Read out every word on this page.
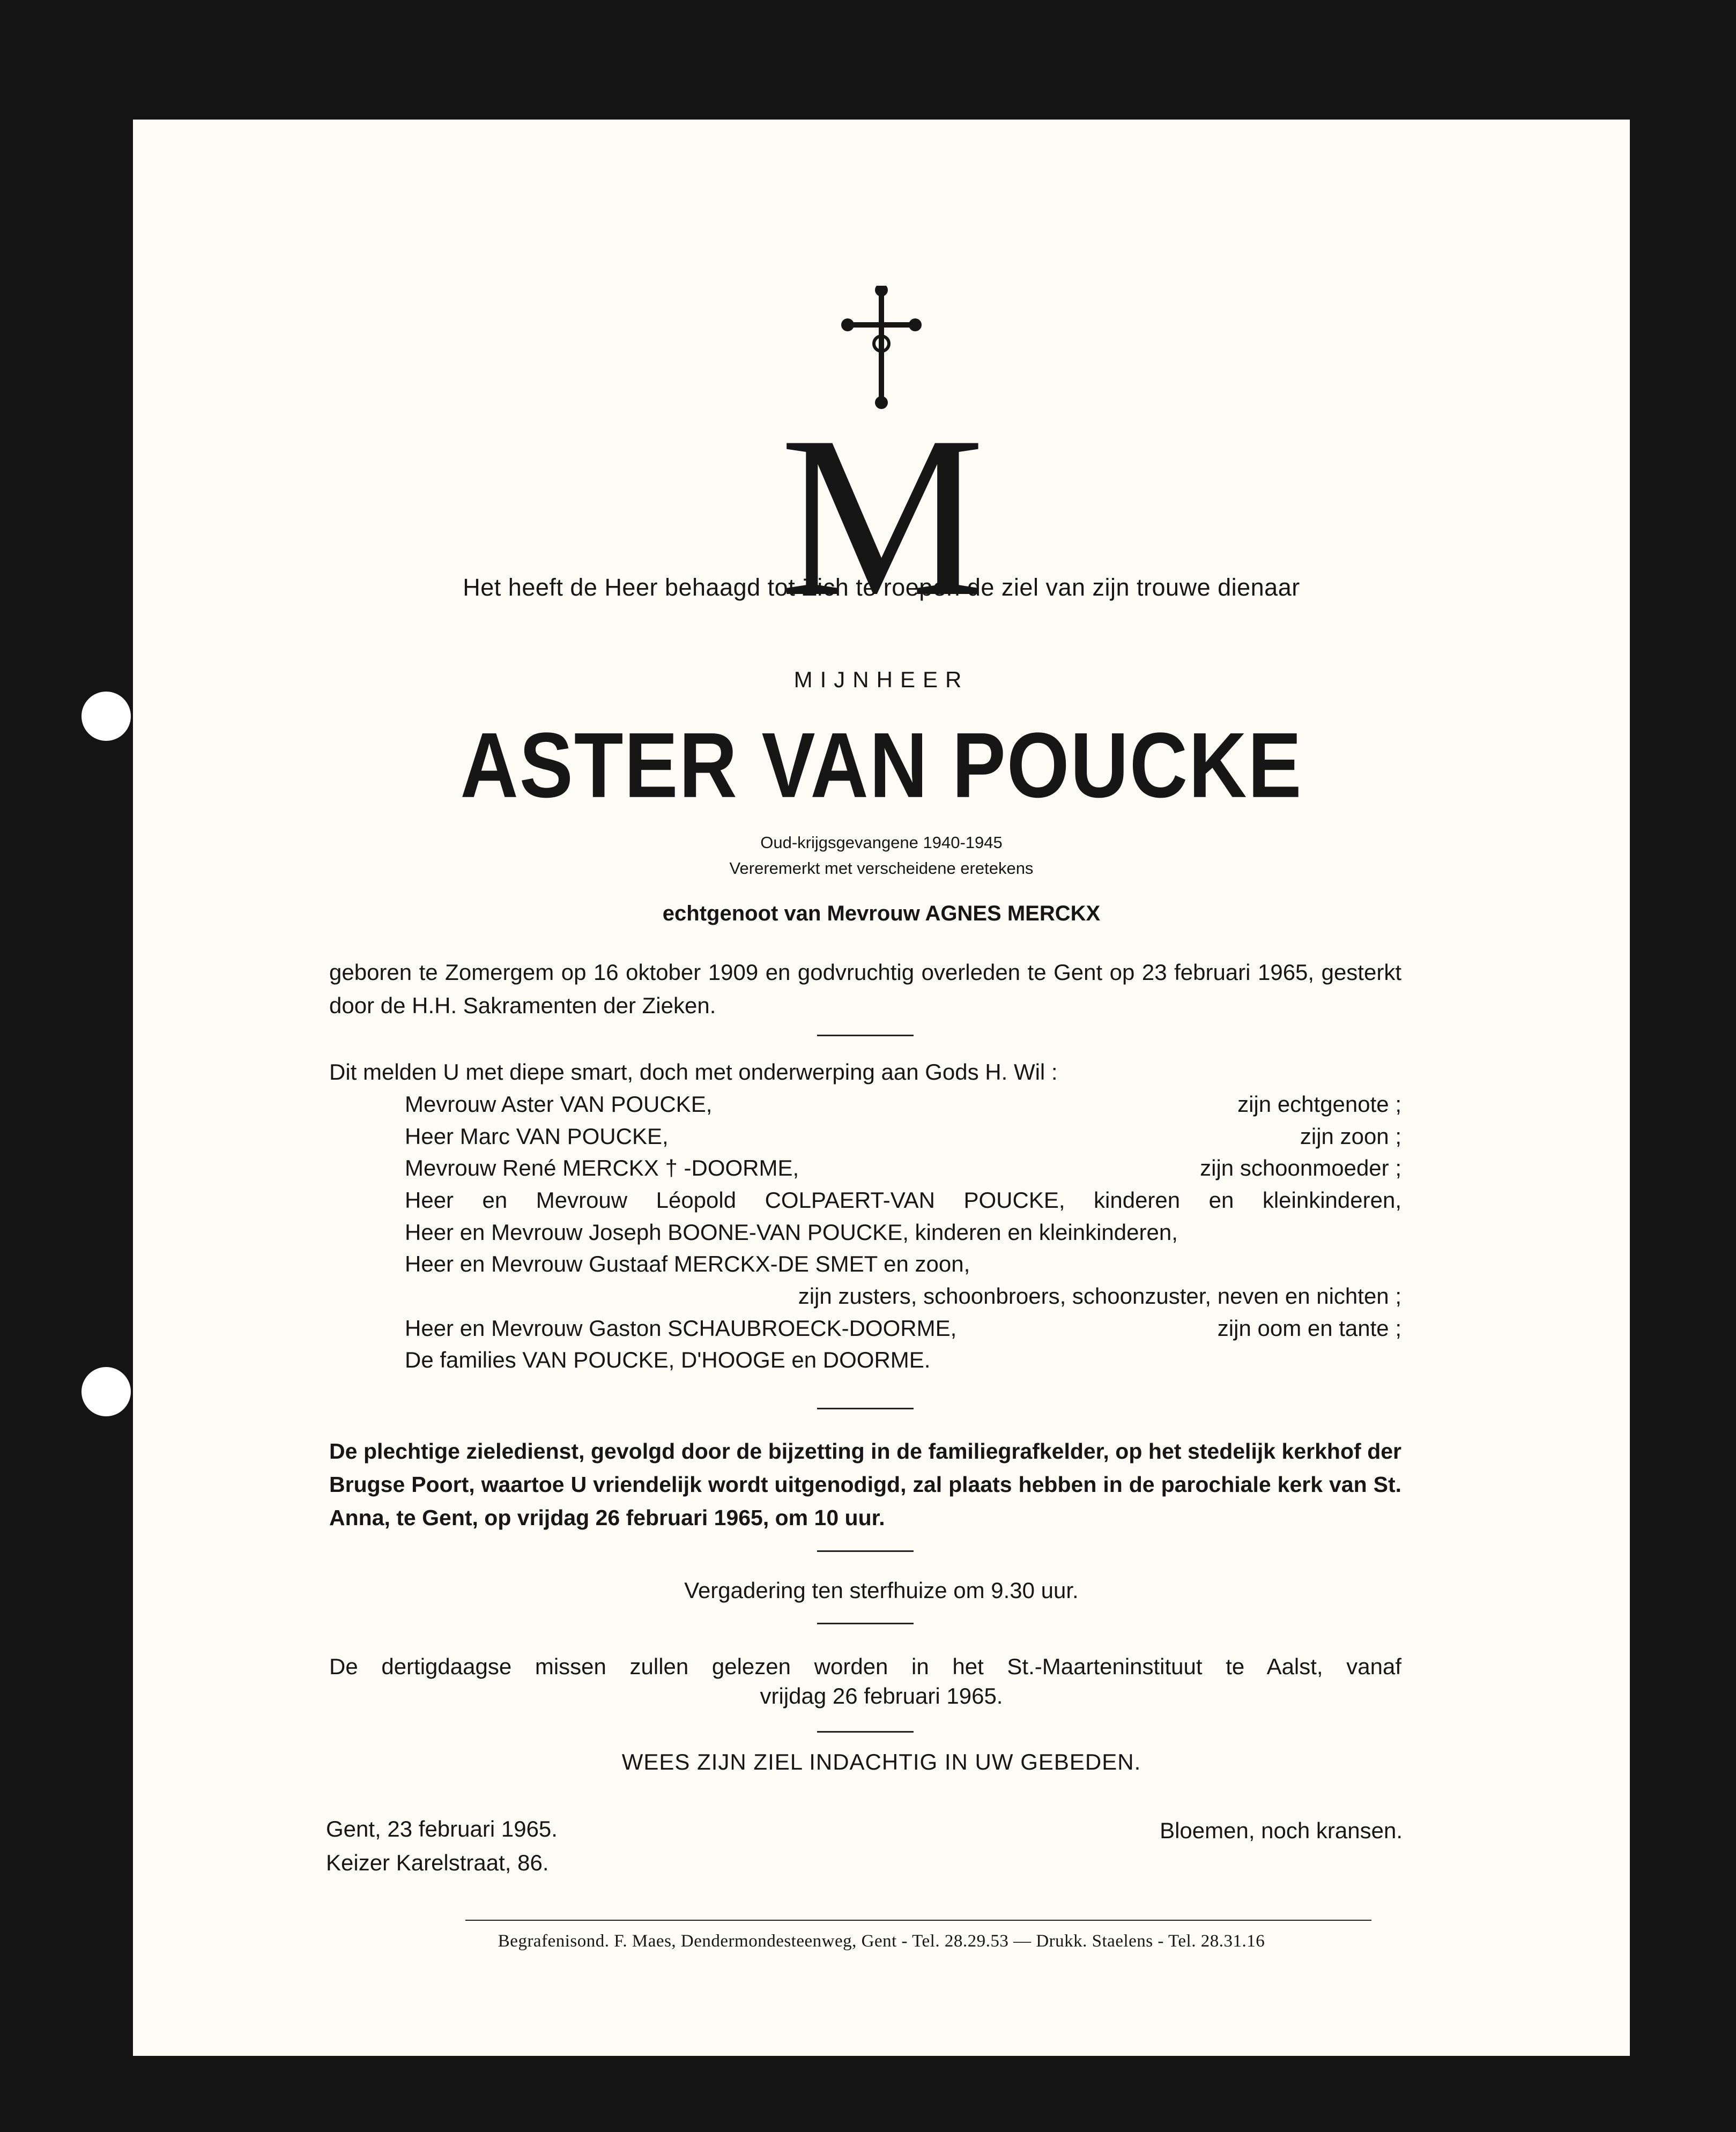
M
Het heeft de Heer behaagd tot Zich te roepen de ziel van zijn trouwe dienaar
MIJNHEER
ASTER VAN POUCKE
Oud-krijgsgevangene 1940-1945
Vereremerkt met verscheidene eretekens
echtgenoot van Mevrouw AGNES MERCKX
geboren te Zomergem op 16 oktober 1909 en godvruchtig overleden te Gent op 23 februari 1965, gesterkt door de H.H. Sakramenten der Zieken.
Dit melden U met diepe smart, doch met onderwerping aan Gods H. Wil :
Mevrouw Aster VAN POUCKE,	zijn echtgenote ;
Heer Marc VAN POUCKE,	zijn zoon ;
Mevrouw René MERCKX † -DOORME,	zijn schoonmoeder ;
Heer en Mevrouw Léopold COLPAERT-VAN POUCKE, kinderen en kleinkinderen,
Heer en Mevrouw Joseph BOONE-VAN POUCKE, kinderen en kleinkinderen,
Heer en Mevrouw Gustaaf MERCKX-DE SMET en zoon,
zijn zusters, schoonbroers, schoonzuster, neven en nichten ;
Heer en Mevrouw Gaston SCHAUBROECK-DOORME,	zijn oom en tante ;
De families VAN POUCKE, D'HOOGE en DOORME.
De plechtige zieledienst, gevolgd door de bijzetting in de familiegrafkelder, op het stedelijk kerkhof der Brugse Poort, waartoe U vriendelijk wordt uitgenodigd, zal plaats hebben in de parochiale kerk van St. Anna, te Gent, op vrijdag 26 februari 1965, om 10 uur.
Vergadering ten sterfhuize om 9.30 uur.
De dertigdaagse missen zullen gelezen worden in het St.-Maarteninstituut te Aalst, vanaf
vrijdag 26 februari 1965.
WEES ZIJN ZIEL INDACHTIG IN UW GEBEDEN.
Gent, 23 februari 1965.
Keizer Karelstraat, 86.
Bloemen, noch kransen.
Begrafenisond. F. Maes, Dendermondesteenweg, Gent - Tel. 28.29.53 — Drukk. Staelens - Tel. 28.31.16
